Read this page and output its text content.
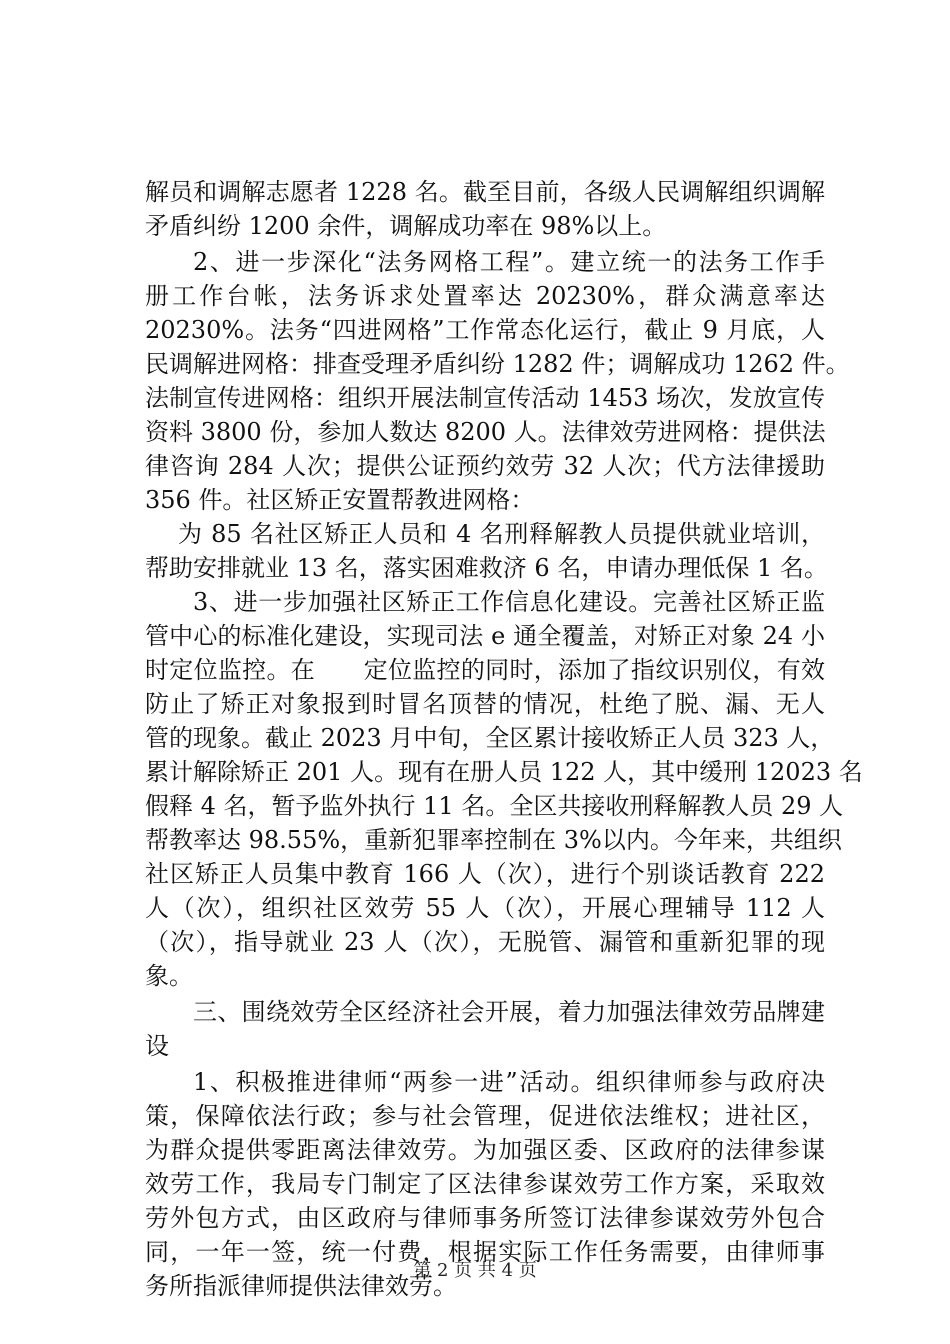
解员和调解志愿者 1228 名。截至目前，各级人民调解组织调解
矛盾纠纷 1200 余件，调解成功率在 98%以上。
2、进一步深化“法务网格工程”。建立统一的法务工作手
册工作台帐，法务诉求处置率达 20230%，群众满意率达
20230%。法务“四进网格”工作常态化运行，截止 9 月底，人
民调解进网格：排查受理矛盾纠纷 1282 件；调解成功 1262 件。
法制宣传进网格：组织开展法制宣传活动 1453 场次，发放宣传
资料 3800 份，参加人数达 8200 人。法律效劳进网格：提供法
律咨询 284 人次；提供公证预约效劳 32 人次；代方法律援助
356 件。社区矫正安置帮教进网格：
为 85 名社区矫正人员和 4 名刑释解教人员提供就业培训，
帮助安排就业 13 名，落实困难救济 6 名，申请办理低保 1 名。
3、进一步加强社区矫正工作信息化建设。完善社区矫正监
管中心的标准化建设，实现司法 e 通全覆盖，对矫正对象 24 小
时定位监控。在　　定位监控的同时，添加了指纹识别仪，有效
防止了矫正对象报到时冒名顶替的情况，杜绝了脱、漏、无人
管的现象。截止 2023 月中旬，全区累计接收矫正人员 323 人，
累计解除矫正 201 人。现有在册人员 122 人，其中缓刑 12023 名
假释 4 名，暂予监外执行 11 名。全区共接收刑释解教人员 29 人
帮教率达 98.55%，重新犯罪率控制在 3%以内。今年来，共组织
社区矫正人员集中教育 166 人（次），进行个别谈话教育 222
人（次），组织社区效劳 55 人（次），开展心理辅导 112 人
（次），指导就业 23 人（次），无脱管、漏管和重新犯罪的现
象。
三、围绕效劳全区经济社会开展，着力加强法律效劳品牌建
设
1、积极推进律师“两参一进”活动。组织律师参与政府决
策，保障依法行政；参与社会管理，促进依法维权；进社区，
为群众提供零距离法律效劳。为加强区委、区政府的法律参谋
效劳工作，我局专门制定了区法律参谋效劳工作方案，采取效
劳外包方式，由区政府与律师事务所签订法律参谋效劳外包合
同，一年一签，统一付费，根据实际工作任务需要，由律师事
务所指派律师提供法律效劳。
第 2 页 共 4 页
